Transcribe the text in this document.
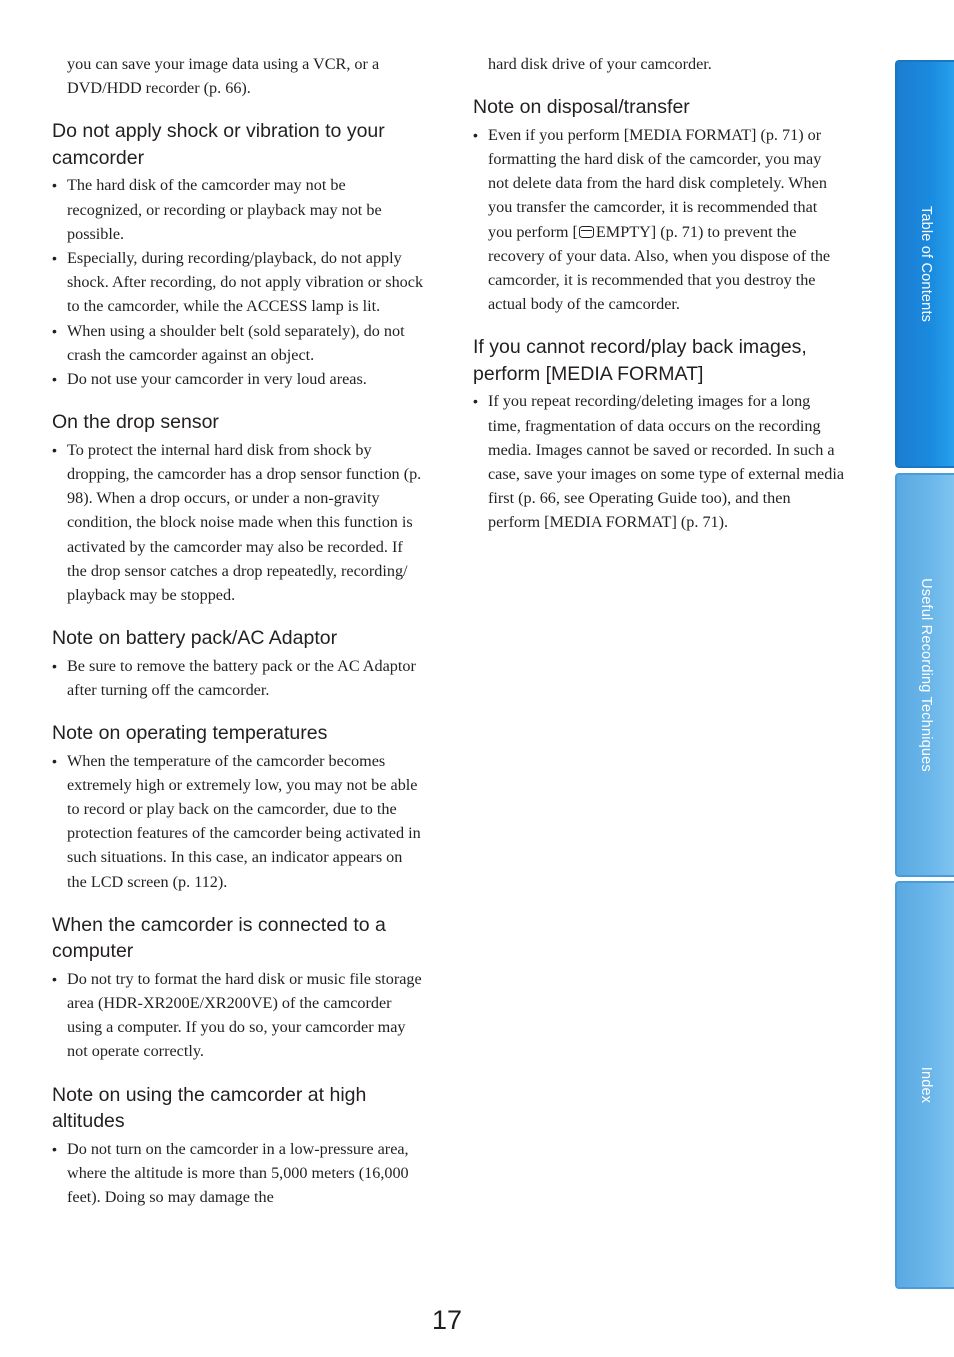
you can save your image data using a VCR, or a DVD/HDD recorder (p. 66).

Do not apply shock or vibration to your camcorder
• The hard disk of the camcorder may not be recognized, or recording or playback may not be possible.
• Especially, during recording/playback, do not apply shock. After recording, do not apply vibration or shock to the camcorder, while the ACCESS lamp is lit.
• When using a shoulder belt (sold separately), do not crash the camcorder against an object.
• Do not use your camcorder in very loud areas.
On the drop sensor
• To protect the internal hard disk from shock by dropping, the camcorder has a drop sensor function (p. 98). When a drop occurs, or under a non-gravity condition, the block noise made when this function is activated by the camcorder may also be recorded. If the drop sensor catches a drop repeatedly, recording/ playback may be stopped.
Note on battery pack/AC Adaptor
• Be sure to remove the battery pack or the AC Adaptor after turning off the camcorder.
Note on operating temperatures
• When the temperature of the camcorder becomes extremely high or extremely low, you may not be able to record or play back on the camcorder, due to the protection features of the camcorder being activated in such situations. In this case, an indicator appears on the LCD screen (p. 112).
When the camcorder is connected to a computer
• Do not try to format the hard disk or music file storage area (HDR-XR200E/XR200VE) of the camcorder using a computer. If you do so, your camcorder may not operate correctly.
Note on using the camcorder at high altitudes
• Do not turn on the camcorder in a low-pressure area, where the altitude is more than 5,000 meters (16,000 feet). Doing so may damage the

hard disk drive of your camcorder.

Note on disposal/transfer
• Even if you perform [MEDIA FORMAT] (p. 71) or formatting the hard disk of the camcorder, you may not delete data from the hard disk completely. When you transfer the camcorder, it is recommended that you perform [ EMPTY] (p. 71) to prevent the recovery of your data. Also, when you dispose of the camcorder, it is recommended that you destroy the actual body of the camcorder.
If you cannot record/play back images, perform [MEDIA FORMAT]
• If you repeat recording/deleting images for a long time, fragmentation of data occurs on the recording media. Images cannot be saved or recorded. In such a case, save your images on some type of external media first (p. 66, see Operating Guide too), and then perform [MEDIA FORMAT] (p. 71).
17
Table of Contents
Useful Recording Techniques
Index
